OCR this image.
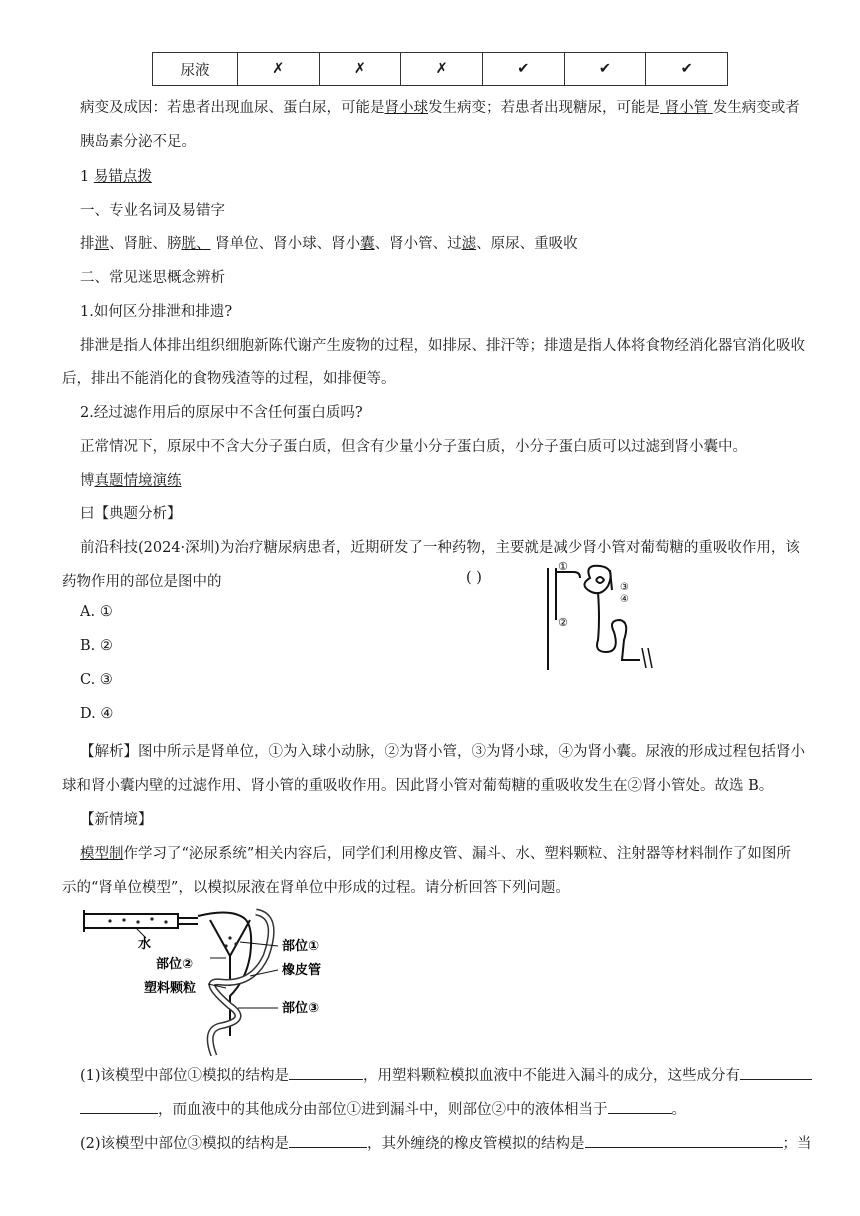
尿液	✗	✗	✗	✔	✔	✔
病变及成因：若患者出现血尿、蛋白尿，可能是肾小球发生病变；若患者出现糖尿，可能是 肾小管 发生病变或者
胰岛素分泌不足。
1 易错点拨
一、专业名词及易错字
排泄、肾脏、膀胱、 肾单位、肾小球、肾小囊、肾小管、过滤、原尿、重吸收
二、常见迷思概念辨析
1.如何区分排泄和排遗?
排泄是指人体排出组织细胞新陈代谢产生废物的过程，如排尿、排汗等；排遗是指人体将食物经消化器官消化吸收
后，排出不能消化的食物残渣等的过程，如排便等。
2.经过滤作用后的原尿中不含任何蛋白质吗?
正常情况下，原尿中不含大分子蛋白质，但含有少量小分子蛋白质，小分子蛋白质可以过滤到肾小囊中。
博真题情境演练
曰【典题分析】
前沿科技(2024·深圳)为治疗糖尿病患者，近期研发了一种药物，主要就是减少肾小管对葡萄糖的重吸收作用，该
药物作用的部位是图中的	( )
A. ①
B. ②
C. ③
D. ④
①
②
③
④
【解析】图中所示是肾单位，①为入球小动脉，②为肾小管，③为肾小球，④为肾小囊。尿液的形成过程包括肾小
球和肾小囊内壁的过滤作用、肾小管的重吸收作用。因此肾小管对葡萄糖的重吸收发生在②肾小管处。故选 B。
【新情境】
模型制作学习了“泌尿系统”相关内容后，同学们利用橡皮管、漏斗、水、塑料颗粒、注射器等材料制作了如图所
示的“肾单位模型”，以模拟尿液在肾单位中形成的过程。请分析回答下列问题。
水
部位②
部位①
塑料颗粒
橡皮管
部位③
(1)该模型中部位①模拟的结构是	，用塑料颗粒模拟血液中不能进入漏斗的成分，这些成分有
，而血液中的其他成分由部位①进到漏斗中，则部位②中的液体相当于	。
(2)该模型中部位③模拟的结构是	，其外缠绕的橡皮管模拟的结构是	；当
